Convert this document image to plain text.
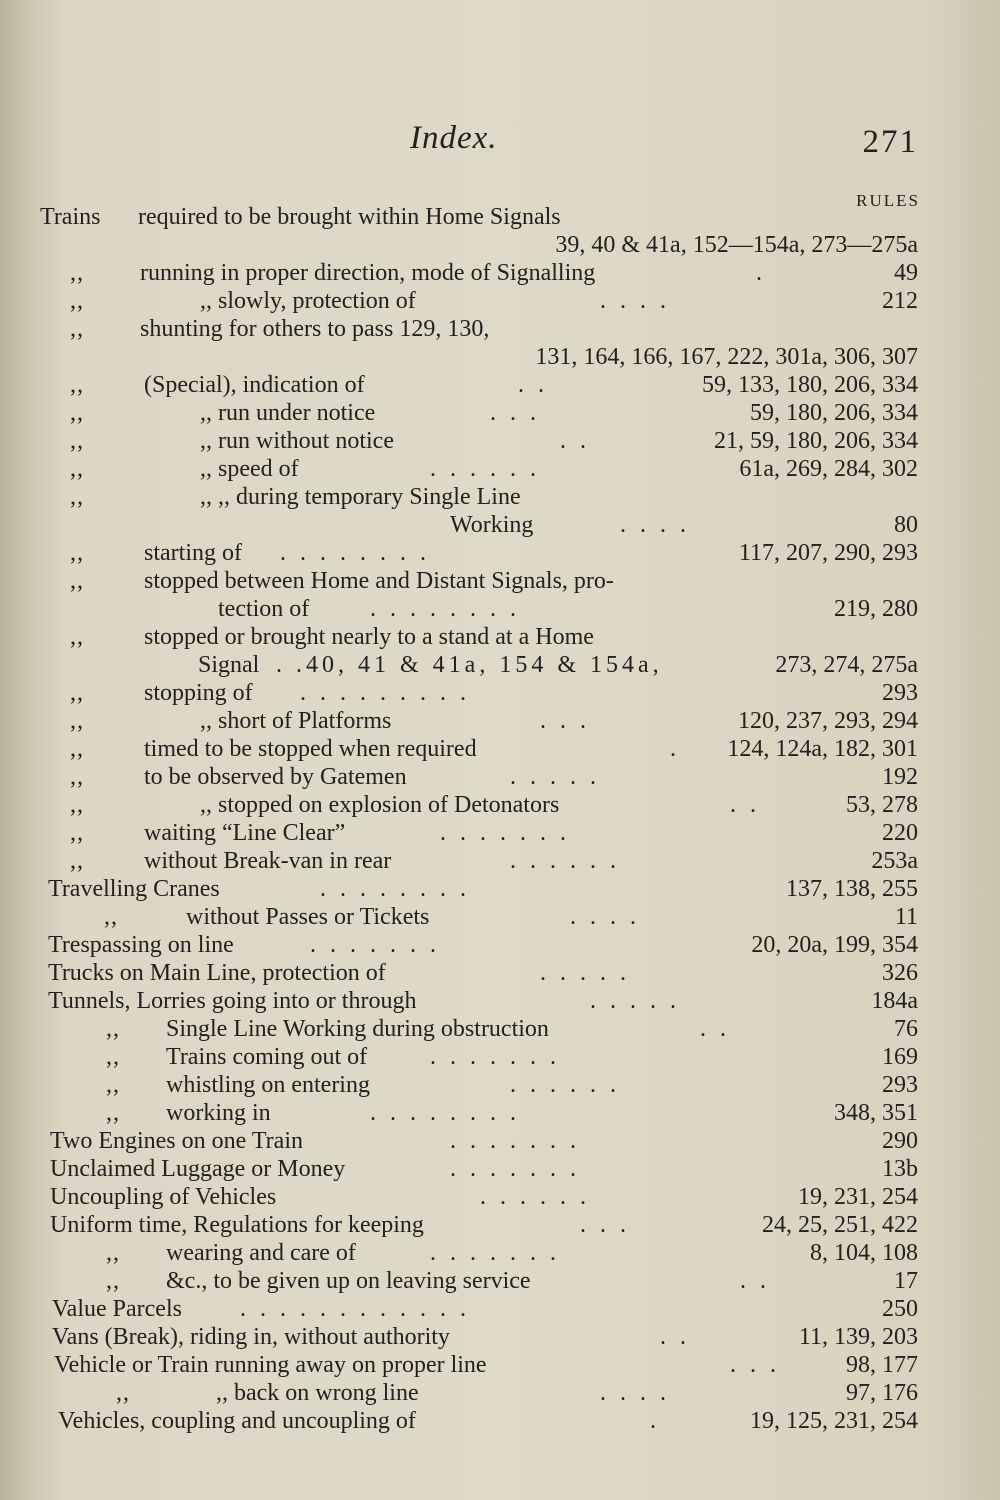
Index.	271
RULES
Trains required to be brought within Home Signals
39, 40 & 41a, 152—154a, 273—275a
,, running in proper direction, mode of Signalling	.	49
,,	,, slowly, protection of	. . . .	212
,, shunting for others to pass 129, 130,
131, 164, 166, 167, 222, 301a, 306, 307
,,	(Special), indication of	. .	59, 133, 180, 206, 334
,,	,, run under notice	. . .	59, 180, 206, 334
,,	,, run without notice	. .	21, 59, 180, 206, 334
,,	,, speed of	. . . . . .	61a, 269, 284, 302
,,	,, ,, during temporary Single Line
Working	. . . .	80
,,	starting of . . . . . . . .	117, 207, 290, 293
,,	stopped between Home and Distant Signals, pro-
tection of	. . . . . . . .	219, 280
,,	stopped or brought nearly to a stand at a Home
Signal . .40, 41 & 41a, 154 & 154a,	273, 274, 275a
,,	stopping of . . . . . . . . .	293
,,	,, short of Platforms	. . .	120, 237, 293, 294
,,	timed to be stopped when required	. 124, 124a, 182, 301
,,	to be observed by Gatemen	. . . . .	192
,,	,, stopped on explosion of Detonators	. .	53, 278
,,	waiting “Line Clear”	. . . . . . .	220
,,	without Break-van in rear	. . . . . .	253a
Travelling Cranes	. . . . . . . .	137, 138, 255
,,	without Passes or Tickets	. . . .	11
Trespassing on line	. . . . . . .	20, 20a, 199, 354
Trucks on Main Line, protection of	. . . . .	326
Tunnels, Lorries going into or through	. . . . .	184a
,, Single Line Working during obstruction	. .	76
,, Trains coming out of	. . . . . . .	169
,, whistling on entering	. . . . . .	293
,, working in	. . . . . . . .	348, 351
Two Engines on one Train	. . . . . . .	290
Unclaimed Luggage or Money	. . . . . . .	13b
Uncoupling of Vehicles	. . . . . .	19, 231, 254
Uniform time, Regulations for keeping	. . .	24, 25, 251, 422
,, wearing and care of	. . . . . . .	8, 104, 108
,, &c., to be given up on leaving service	. .	17
Value Parcels . . . . . . . . . . . .	250
Vans (Break), riding in, without authority	. .	11, 139, 203
Vehicle or Train running away on proper line	. . .	98, 177
,,	,, back on wrong line	. . . .	97, 176
Vehicles, coupling and uncoupling of	.	19, 125, 231, 254
